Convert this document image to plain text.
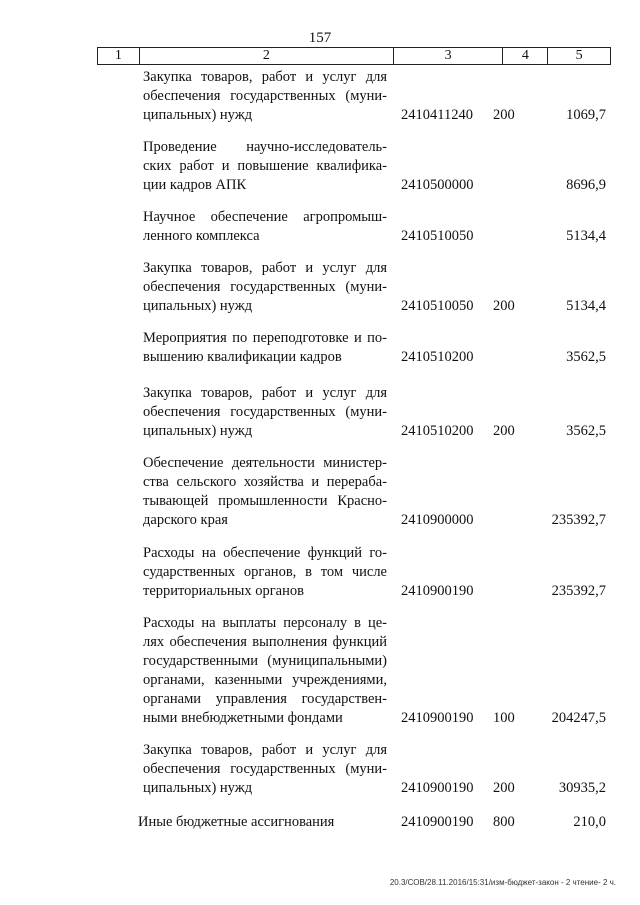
157
1	2	3	4	5
Закупка товаров, работ и услуг для обеспечения государственных (муни- ципальных) нужд	2410411240 200	1069,7
Проведение научно-исследователь- ских работ и повышение квалифика- ции кадров АПК	2410500000	8696,9
Научное обеспечение агропромыш- ленного комплекса	2410510050	5134,4
Закупка товаров, работ и услуг для обеспечения государственных (муни- ципальных) нужд	2410510050 200	5134,4
Мероприятия по переподготовке и по- вышению квалификации кадров	2410510200	3562,5
Закупка товаров, работ и услуг для обеспечения государственных (муни- ципальных) нужд	2410510200 200	3562,5
Обеспечение деятельности министер- ства сельского хозяйства и перераба- тывающей промышленности Красно- дарского края	2410900000	235392,7
Расходы на обеспечение функций го- сударственных органов, в том числе территориальных органов	2410900190	235392,7
Расходы на выплаты персоналу в це- лях обеспечения выполнения функций государственными (муниципальными) органами, казенными учреждениями, органами управления государствен- ными внебюджетными фондами	2410900190 100	204247,5
Закупка товаров, работ и услуг для обеспечения государственных (муни- ципальных) нужд	2410900190 200	30935,2
Иные бюджетные ассигнования	2410900190 800	210,0
20.3/СОВ/28.11.2016/15:31/изм-бюджет-закон - 2 чтение- 2 ч.
